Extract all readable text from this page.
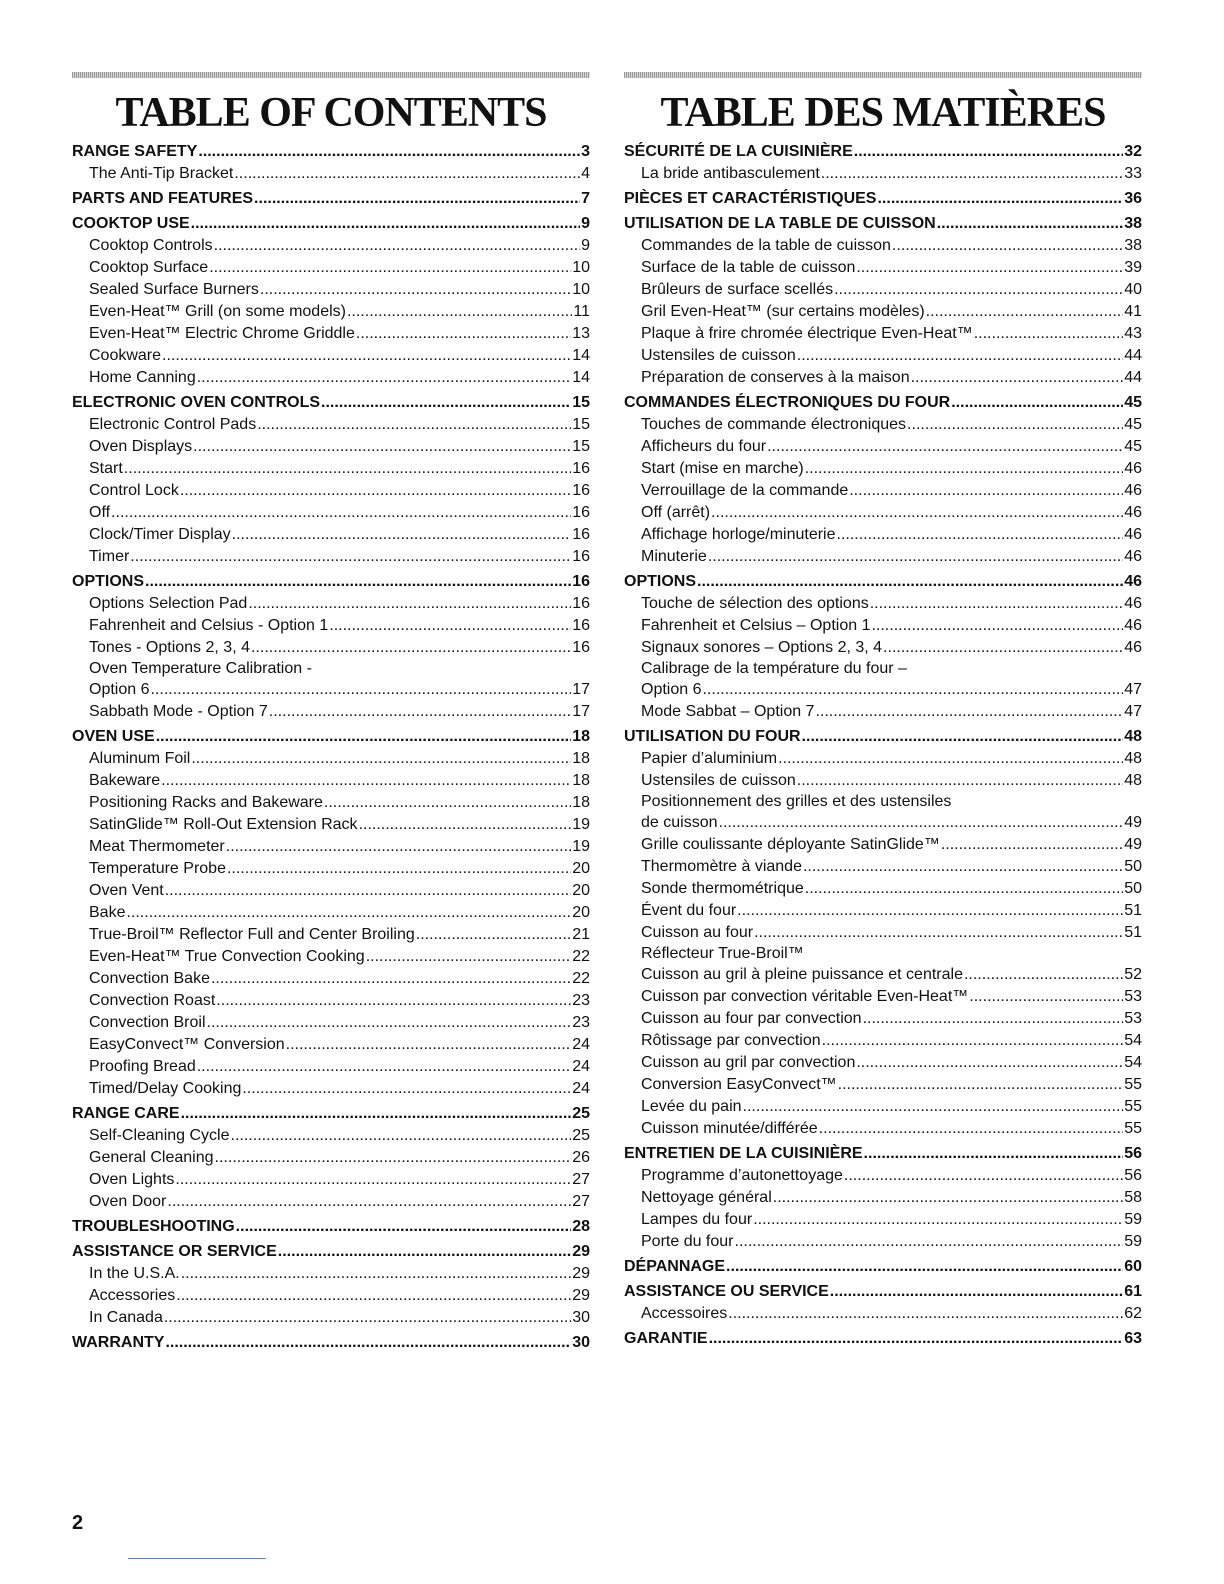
TABLE OF CONTENTS
RANGE SAFETY .....	3
The Anti-Tip Bracket .....	4
PARTS AND FEATURES .....	7
COOKTOP USE .....	9
Cooktop Controls .....	9
Cooktop Surface .....	10
Sealed Surface Burners .....	10
Even-Heat™ Grill (on some models) .....	11
Even-Heat™ Electric Chrome Griddle .....	13
Cookware .....	14
Home Canning .....	14
ELECTRONIC OVEN CONTROLS .....	15
Electronic Control Pads .....	15
Oven Displays .....	15
Start .....	16
Control Lock .....	16
Off .....	16
Clock/Timer Display .....	16
Timer .....	16
OPTIONS .....	16
Options Selection Pad .....	16
Fahrenheit and Celsius - Option 1 .....	16
Tones - Options 2, 3, 4 .....	16
Oven Temperature Calibration -
Option 6 .....	17
Sabbath Mode - Option 7 .....	17
OVEN USE .....	18
Aluminum Foil .....	18
Bakeware .....	18
Positioning Racks and Bakeware .....	18
SatinGlide™ Roll-Out Extension Rack .....	19
Meat Thermometer .....	19
Temperature Probe .....	20
Oven Vent .....	20
Bake .....	20
True-Broil™ Reflector Full and Center Broiling .....	21
Even-Heat™ True Convection Cooking .....	22
Convection Bake .....	22
Convection Roast .....	23
Convection Broil .....	23
EasyConvect™ Conversion .....	24
Proofing Bread .....	24
Timed/Delay Cooking .....	24
RANGE CARE .....	25
Self-Cleaning Cycle .....	25
General Cleaning .....	26
Oven Lights .....	27
Oven Door .....	27
TROUBLESHOOTING .....	28
ASSISTANCE OR SERVICE .....	29
In the U.S.A. .....	29
Accessories .....	29
In Canada .....	30
WARRANTY .....	30
TABLE DES MATIÈRES
SÉCURITÉ DE LA CUISINIÈRE .....	32
La bride antibasculement .....	33
PIÈCES ET CARACTÉRISTIQUES .....	36
UTILISATION DE LA TABLE DE CUISSON .....	38
Commandes de la table de cuisson .....	38
Surface de la table de cuisson .....	39
Brûleurs de surface scellés .....	40
Gril Even-Heat™ (sur certains modèles) .....	41
Plaque à frire chromée électrique Even-Heat™ .....	43
Ustensiles de cuisson .....	44
Préparation de conserves à la maison .....	44
COMMANDES ÉLECTRONIQUES DU FOUR .....	45
Touches de commande électroniques .....	45
Afficheurs du four .....	45
Start (mise en marche) .....	46
Verrouillage de la commande .....	46
Off (arrêt) .....	46
Affichage horloge/minuterie .....	46
Minuterie .....	46
OPTIONS .....	46
Touche de sélection des options .....	46
Fahrenheit et Celsius – Option 1 .....	46
Signaux sonores – Options 2, 3, 4 .....	46
Calibrage de la température du four –
Option 6 .....	47
Mode Sabbat – Option 7 .....	47
UTILISATION DU FOUR .....	48
Papier d’aluminium .....	48
Ustensiles de cuisson .....	48
Positionnement des grilles et des ustensiles
de cuisson .....	49
Grille coulissante déployante SatinGlide™ .....	49
Thermomètre à viande .....	50
Sonde thermométrique .....	50
Évent du four .....	51
Cuisson au four .....	51
Réflecteur True-Broil™
Cuisson au gril à pleine puissance et centrale .....	52
Cuisson par convection véritable Even-Heat™ .....	53
Cuisson au four par convection .....	53
Rôtissage par convection .....	54
Cuisson au gril par convection .....	54
Conversion EasyConvect™ .....	55
Levée du pain .....	55
Cuisson minutée/différée .....	55
ENTRETIEN DE LA CUISINIÈRE .....	56
Programme d’autonettoyage .....	56
Nettoyage général .....	58
Lampes du four .....	59
Porte du four .....	59
DÉPANNAGE .....	60
ASSISTANCE OU SERVICE .....	61
Accessoires .....	62
GARANTIE .....	63
2
